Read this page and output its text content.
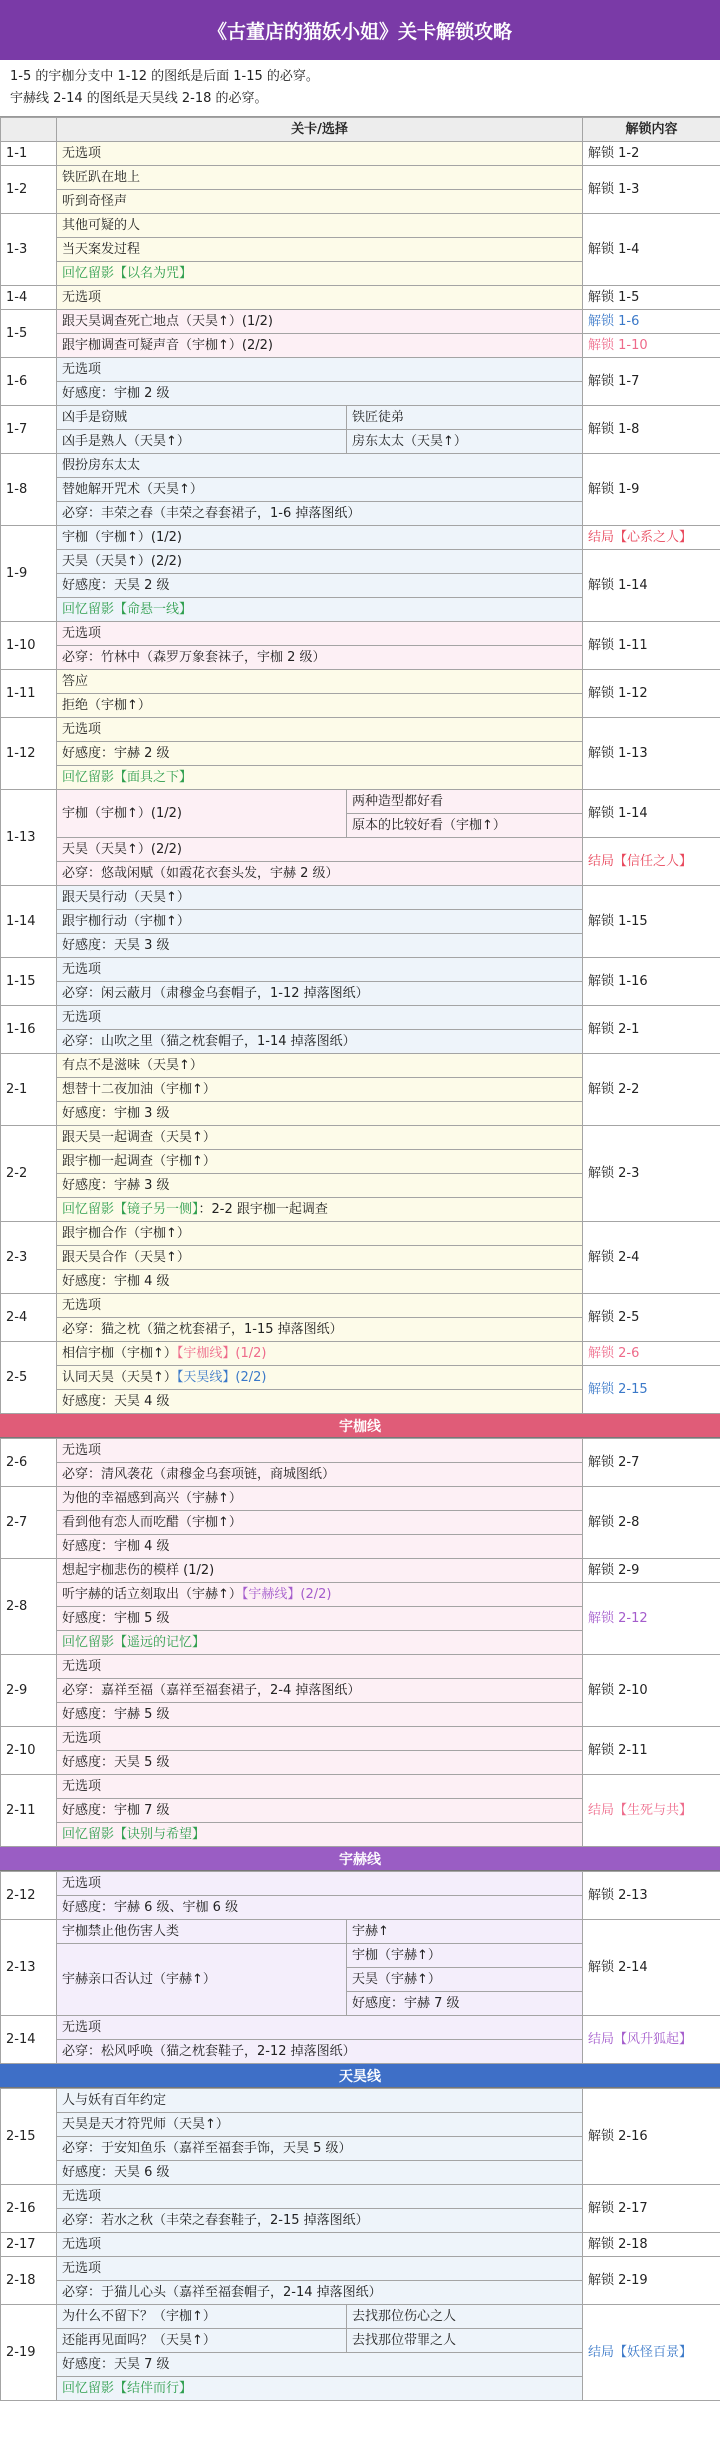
《古董店的猫妖小姐》关卡解锁攻略
1-5 的宇枷分支中 1-12 的图纸是后面 1-15 的必穿。
宇赫线 2-14 的图纸是天昊线 2-18 的必穿。
	关卡/选择		解锁内容
1-1	无选项		解锁 1-2
1-2	铁匠趴在地上		解锁 1-3
	听到奇怪声		
1-3	其他可疑的人		解锁 1-4
	当天案发过程		
	回忆留影【以名为咒】		
1-4	无选项		解锁 1-5
1-5	跟天昊调查死亡地点（天昊↑）(1/2)		解锁 1-6
	跟宇枷调查可疑声音（宇枷↑）(2/2)		解锁 1-10
1-6	无选项		解锁 1-7
	好感度：宇枷 2 级		
1-7	凶手是窃贼	铁匠徒弟	解锁 1-8
	凶手是熟人（天昊↑）	房东太太（天昊↑）	
1-8	假扮房东太太		解锁 1-9
	替她解开咒术（天昊↑）		
	必穿：丰荣之春（丰荣之春套裙子，1-6 掉落图纸）		
1-9	宇枷（宇枷↑）(1/2)		结局【心系之人】
	天昊（天昊↑）(2/2)		解锁 1-14
	好感度：天昊 2 级		
	回忆留影【命悬一线】		
1-10	无选项		解锁 1-11
	必穿：竹林中（森罗万象套袜子，宇枷 2 级）		
1-11	答应		解锁 1-12
	拒绝（宇枷↑）		
1-12	无选项		解锁 1-13
	好感度：宇赫 2 级		
	回忆留影【面具之下】		
1-13	宇枷（宇枷↑）(1/2)	两种造型都好看	解锁 1-14
		原本的比较好看（宇枷↑）	
	天昊（天昊↑）(2/2)		结局【信任之人】
	必穿：悠哉闲赋（如霞花衣套头发，宇赫 2 级）		
1-14	跟天昊行动（天昊↑）		解锁 1-15
	跟宇枷行动（宇枷↑）		
	好感度：天昊 3 级		
1-15	无选项		解锁 1-16
	必穿：闲云蔽月（肃穆金乌套帽子，1-12 掉落图纸）		
1-16	无选项		解锁 2-1
	必穿：山吹之里（猫之枕套帽子，1-14 掉落图纸）		
2-1	有点不是滋味（天昊↑）		解锁 2-2
	想替十二夜加油（宇枷↑）		
	好感度：宇枷 3 级		
2-2	跟天昊一起调查（天昊↑）		解锁 2-3
	跟宇枷一起调查（宇枷↑）		
	好感度：宇赫 3 级		
	回忆留影【镜子另一侧】：2-2 跟宇枷一起调查		
2-3	跟宇枷合作（宇枷↑）		解锁 2-4
	跟天昊合作（天昊↑）		
	好感度：宇枷 4 级		
2-4	无选项		解锁 2-5
	必穿：猫之枕（猫之枕套裙子，1-15 掉落图纸）		
2-5	相信宇枷（宇枷↑）【宇枷线】(1/2)		解锁 2-6
	认同天昊（天昊↑）【天昊线】(2/2)		解锁 2-15
	好感度：天昊 4 级		
宇枷线
2-6	无选项	解锁 2-7
	必穿：清风袭花（肃穆金乌套项链，商城图纸）	
2-7	为他的幸福感到高兴（宇赫↑）	解锁 2-8
	看到他有恋人而吃醋（宇枷↑）	
	好感度：宇枷 4 级	
2-8	想起宇枷悲伤的模样 (1/2)	解锁 2-9
	听宇赫的话立刻取出（宇赫↑）【宇赫线】(2/2)	解锁 2-12
	好感度：宇枷 5 级	
	回忆留影【遥远的记忆】	
2-9	无选项	解锁 2-10
	必穿：嘉祥至福（嘉祥至福套裙子，2-4 掉落图纸）	
	好感度：宇赫 5 级	
2-10	无选项	解锁 2-11
	好感度：天昊 5 级	
2-11	无选项	结局【生死与共】
	好感度：宇枷 7 级	
	回忆留影【诀别与希望】	
宇赫线
2-12	无选项		解锁 2-13
	好感度：宇赫 6 级、宇枷 6 级		
2-13	宇枷禁止他伤害人类	宇赫↑	解锁 2-14
	宇赫亲口否认过（宇赫↑）	宇枷（宇赫↑）	
		天昊（宇赫↑）	
		好感度：宇赫 7 级	
2-14	无选项		结局【风升狐起】
	必穿：松风呼唤（猫之枕套鞋子，2-12 掉落图纸）		
天昊线
2-15	人与妖有百年约定		解锁 2-16
	天昊是天才符咒师（天昊↑）		
	必穿：于安知鱼乐（嘉祥至福套手饰，天昊 5 级）		
	好感度：天昊 6 级		
2-16	无选项		解锁 2-17
	必穿：若水之秋（丰荣之春套鞋子，2-15 掉落图纸）		
2-17	无选项		解锁 2-18
2-18	无选项		解锁 2-19
	必穿：于猫儿心头（嘉祥至福套帽子，2-14 掉落图纸）		
2-19	为什么不留下？（宇枷↑）	去找那位伤心之人	结局【妖怪百景】
	还能再见面吗？（天昊↑）	去找那位带罪之人	
	好感度：天昊 7 级		
	回忆留影【结伴而行】		
